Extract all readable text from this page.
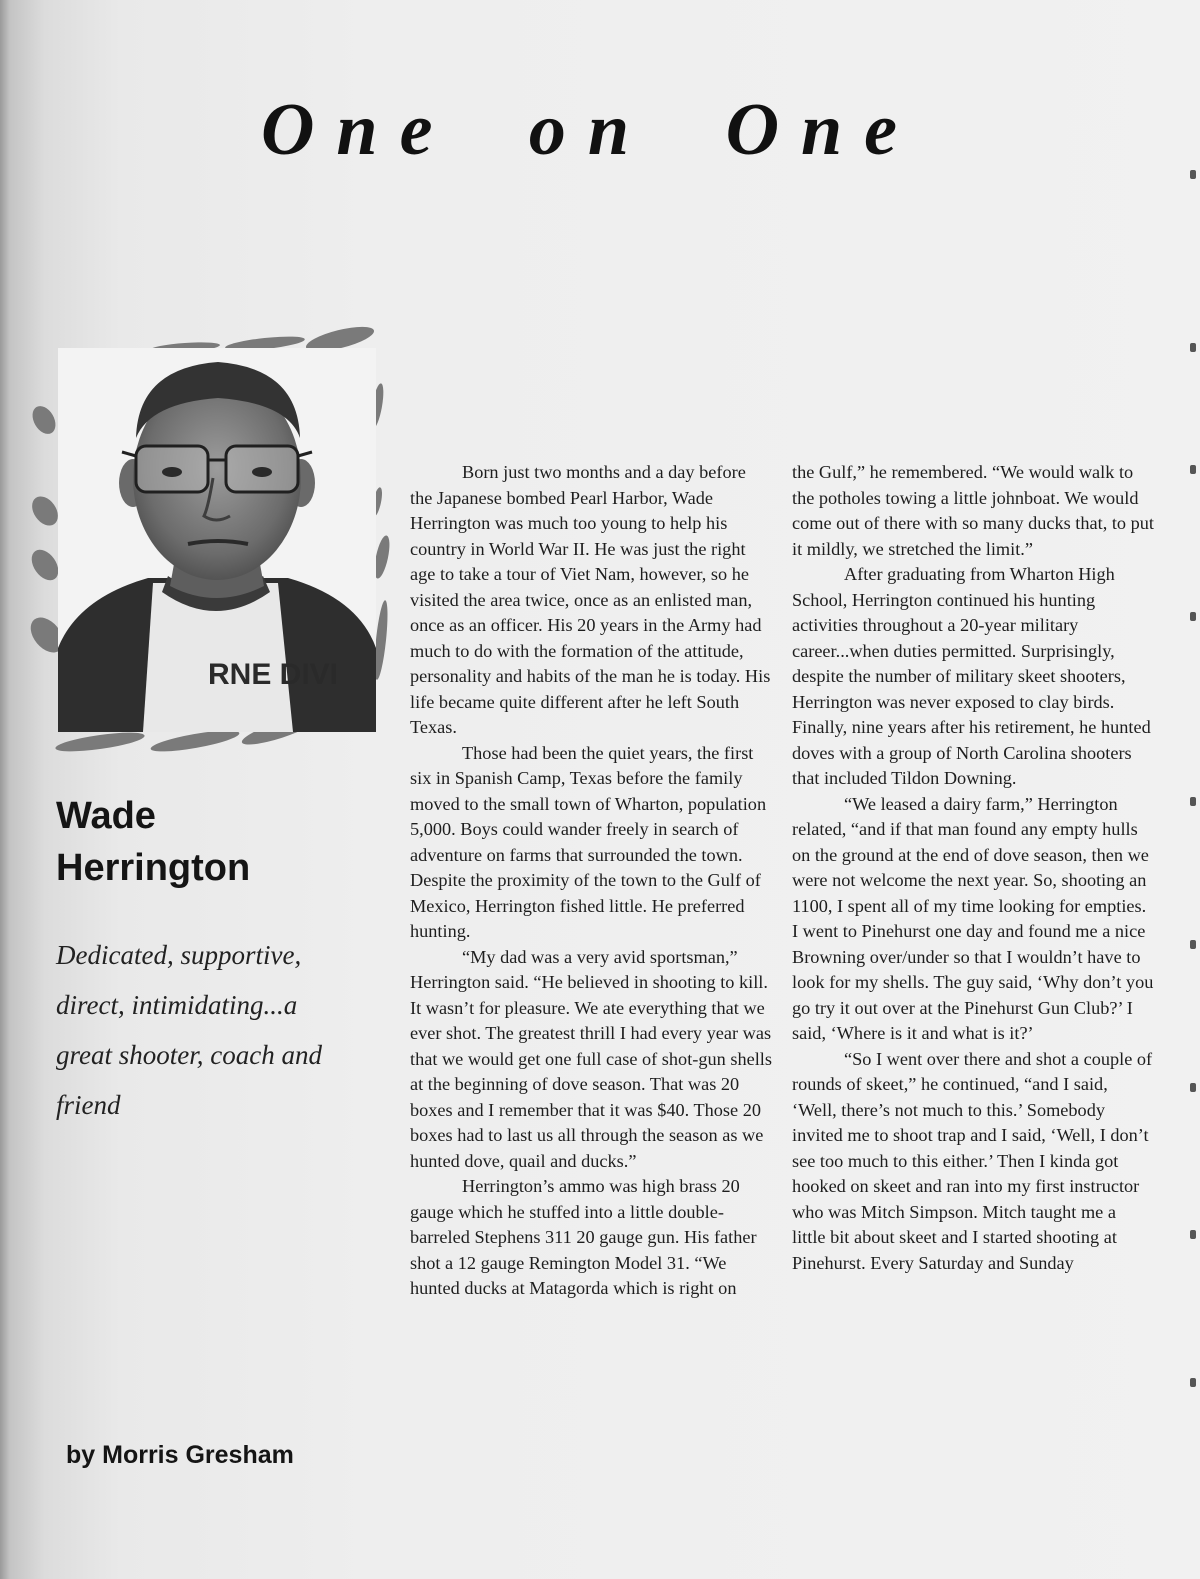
One on One
RNE DIVI
Wade
Herrington

Dedicated, supportive, direct, intimidating...a great shooter, coach and friend

by Morris Gresham

Born just two months and a day before the Japanese bombed Pearl Harbor, Wade Herrington was much too young to help his country in World War II. He was just the right age to take a tour of Viet Nam, however, so he visited the area twice, once as an enlisted man, once as an officer. His 20 years in the Army had much to do with the formation of the attitude, personality and habits of the man he is today. His life became quite different after he left South Texas.

Those had been the quiet years, the first six in Spanish Camp, Texas before the family moved to the small town of Wharton, population 5,000. Boys could wander freely in search of adventure on farms that surrounded the town. Despite the proximity of the town to the Gulf of Mexico, Herrington fished little. He preferred hunting.

“My dad was a very avid sportsman,” Herrington said. “He believed in shooting to kill. It wasn’t for pleasure. We ate everything that we ever shot. The greatest thrill I had every year was that we would get one full case of shot-gun shells at the beginning of dove season. That was 20 boxes and I remember that it was $40. Those 20 boxes had to last us all through the season as we hunted dove, quail and ducks.”

Herrington’s ammo was high brass 20 gauge which he stuffed into a little double-barreled Stephens 311 20 gauge gun. His father shot a 12 gauge Remington Model 31. “We hunted ducks at Matagorda which is right on

the Gulf,” he remembered. “We would walk to the potholes towing a little johnboat. We would come out of there with so many ducks that, to put it mildly, we stretched the limit.”

After graduating from Wharton High School, Herrington continued his hunting activities throughout a 20-year military career...when duties permitted. Surprisingly, despite the number of military skeet shooters, Herrington was never exposed to clay birds. Finally, nine years after his retirement, he hunted doves with a group of North Carolina shooters that included Tildon Downing.

“We leased a dairy farm,” Herrington related, “and if that man found any empty hulls on the ground at the end of dove season, then we were not welcome the next year. So, shooting an 1100, I spent all of my time looking for empties. I went to Pinehurst one day and found me a nice Browning over/under so that I wouldn’t have to look for my shells. The guy said, ‘Why don’t you go try it out over at the Pinehurst Gun Club?’ I said, ‘Where is it and what is it?’

“So I went over there and shot a couple of rounds of skeet,” he continued, “and I said, ‘Well, there’s not much to this.’ Somebody invited me to shoot trap and I said, ‘Well, I don’t see too much to this either.’ Then I kinda got hooked on skeet and ran into my first instructor who was Mitch Simpson. Mitch taught me a little bit about skeet and I started shooting at Pinehurst. Every Saturday and Sunday
